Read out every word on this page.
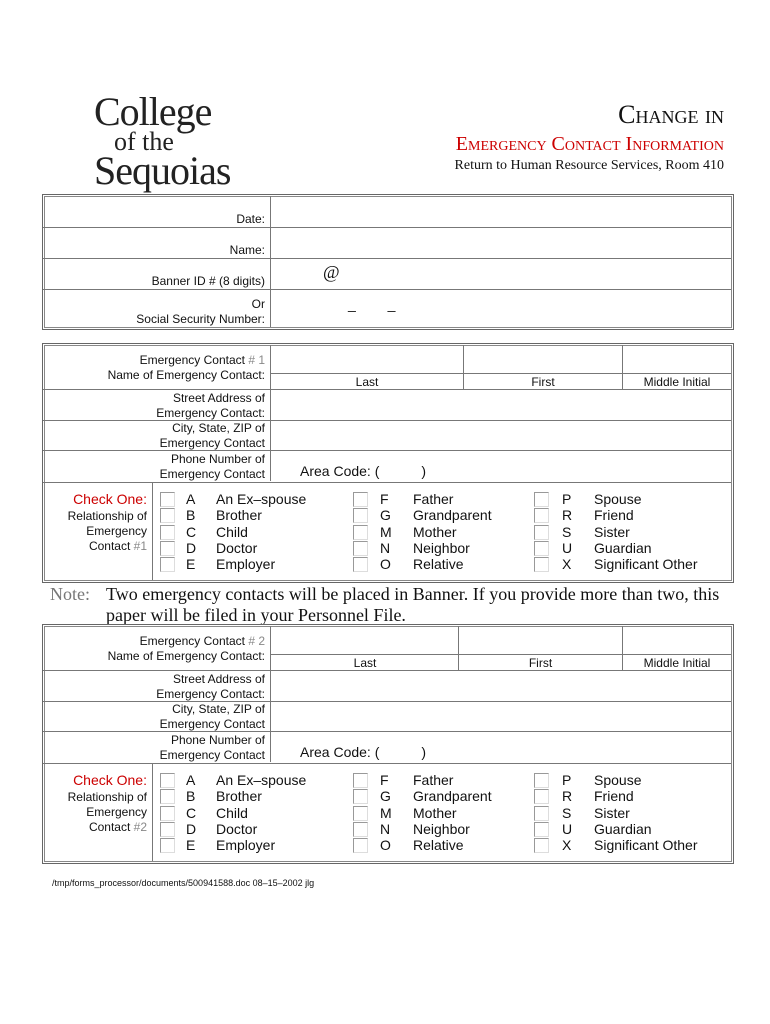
College
of the
Sequoias
Change in
Emergency Contact Information
Return to Human Resource Services, Room 410
Date:
Name:
Banner ID # (8 digits)	@
Or
Social Security Number:
_ _
Emergency Contact # 1
Name of Emergency Contact:	Last	First	Middle Initial
Street Address of
Emergency Contact:
City, State, ZIP of
Emergency Contact
Phone Number of
Emergency Contact	Area Code: (	)
Check One:
Relationship of
Emergency
Contact #1
A An Ex–spouse
B Brother
C Child
D Doctor
E Employer
F Father
G Grandparent
M Mother
N Neighbor
O Relative
P Spouse
R Friend
S Sister
U Guardian
X Significant Other
Note: Two emergency contacts will be placed in Banner. If you provide more than two, this
paper will be filed in your Personnel File.
Emergency Contact # 2
Name of Emergency Contact:	Last	First	Middle Initial
Street Address of
Emergency Contact:
City, State, ZIP of
Emergency Contact
Phone Number of
Emergency Contact	Area Code: (	)
Check One:
Relationship of
Emergency
Contact #2
A An Ex–spouse
B Brother
C Child
D Doctor
E Employer
F Father
G Grandparent
M Mother
N Neighbor
O Relative
P Spouse
R Friend
S Sister
U Guardian
X Significant Other
/tmp/forms_processor/documents/500941588.doc 08–15–2002 jlg
